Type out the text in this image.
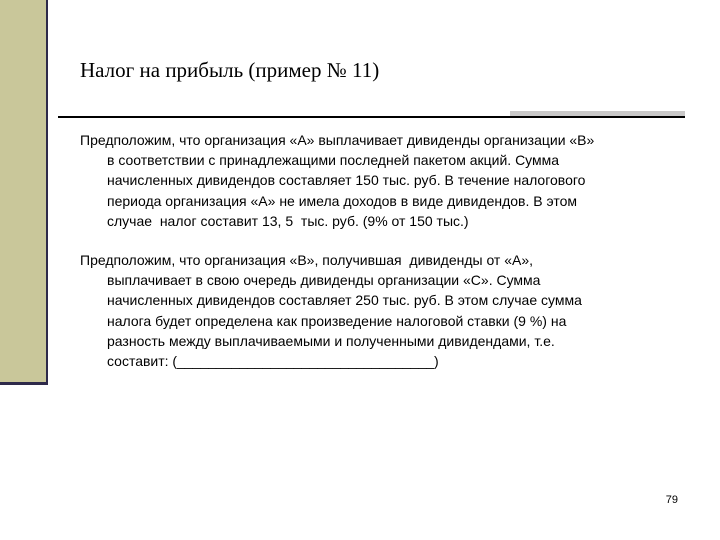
Налог на прибыль (пример № 11)

Предположим, что организация «А» выплачивает дивиденды организации «В»
в соответствии с принадлежащими последней пакетом акций. Сумма
начисленных дивидендов составляет 150 тыс. руб. В течение налогового
периода организация «А» не имела доходов в виде дивидендов. В этом
случае  налог составит 13, 5  тыс. руб. (9% от 150 тыс.)

Предположим, что организация «В», получившая  дивиденды от «А»,
выплачивает в свою очередь дивиденды организации «С». Сумма
начисленных дивидендов составляет 250 тыс. руб. В этом случае сумма
налога будет определена как произведение налоговой ставки (9 %) на
разность между выплачиваемыми и полученными дивидендами, т.е.
составит: (_________________________________)

79
